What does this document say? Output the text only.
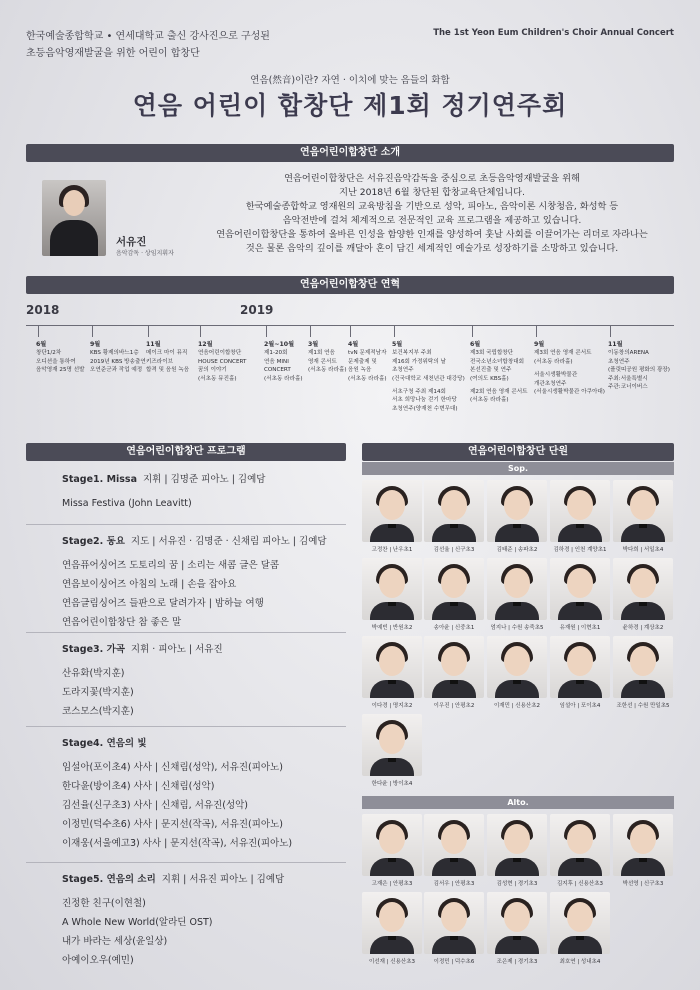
한국예술종합학교 • 연세대학교 출신 강사진으로 구성된
초등음악영재발굴을 위한 어린이 합창단
The 1st Yeon Eum Children's Choir Annual Concert
연음(然音)이란? 자연 · 이치에 맞는 음들의 화합
연음 어린이 합창단 제1회 정기연주회
연음어린이합창단 소개
서유진
음악감독 · 상임지휘자
연음어린이합창단은 서유진음악감독을 중심으로 초등음악영재발굴을 위해
지난 2018년 6월 창단된 합창교육단체입니다.
한국예술종합학교 영재원의 교육방침을 기반으로 성악, 피아노, 음악이론 시창청음, 화성학 등
음악전반에 걸쳐 체계적으로 전문적인 교육 프로그램을 제공하고 있습니다.
연음어린이합창단을 통하여 올바른 인성을 함양한 인재를 양성하여 훗날 사회를 이끌어가는 리더로 자라나는
것은 물론 음악의 깊이를 깨달아 혼이 담긴 세계적인 예술가로 성장하기를 소망하고 있습니다.
연음어린이합창단 연혁
2018	2019
6월
창단1/2차
오디션을 통하여
음악영재 25명 선발
9월
KBS 황제의바느1층
2019년 KBS 방송출연
오연준군과 작업 예정
11월
메이크 마이 뮤직
키즈라이브
합격 및 음원 녹음
12월
연음어린이합창단
HOUSE CONCERT
꿈의 이야기
(서초동 뮤진홀)
2월~10월
제1-20회
연음 MINI
CONCERT
(서초동 라라홀)
3월
제1회 연음
영재 콘서트
(서초동 라라홀)
4월
tvN 문제적남자
문제출제 및
음원 녹음
(서초동 라라홀)
5월
보건복지부 주최
제16회 가정위탁의 날
초청연주
(건국대학교 새천년관 대강당)
서초구청 주최 제14회
서초 희망나눔 걷기 한마당
초청연주(양재천 수변무대)
6월
제3회 국립합창단
전국소년소녀합창대회
본선진출 및 연주
(여의도 KBS홀)
제2회 연음 영재 콘서트
(서초동 라라홀)
9월
제3회 연음 영재 콘서트
(서초동 라라홀)
서울시생활박물관
개관초청연주
(서울시생활박물관 아쿠아대)
11월
이동창의ARENA
초청연주
(플릿띠공원 평화의 광장)
주최:서울특별시
주관:코너이버스
연음어린이합창단 프로그램
Stage1. Missa 지휘 | 김명준 피아노 | 김예담
Missa Festiva (John Leavitt)
Stage2. 동요 지도 | 서유진 · 김명준 · 신채림 피아노 | 김예담
연음퓨어싱어즈 도토리의 꿈 | 소리는 새콤 글은 달콤
연음보이싱어즈 아침의 노래 | 손을 잡아요
연음글림싱어즈 들판으로 달려가자 | 밤하늘 여행
연음어린이합창단 참 좋은 말
Stage3. 가곡 지휘 · 피아노 | 서유진
산유화(박지훈)
도라지꽃(박지훈)
코스모스(박지훈)
Stage4. 연음의 빛
임설아(포이초4) 사사 | 신채림(성악), 서유진(피아노)
한다윤(방이초4) 사사 | 신채림(성악)
김선율(신구초3) 사사 | 신채림, 서유진(성악)
이정민(덕수초6) 사사 | 문지선(작곡), 서유진(피아노)
이재웅(서울예고3) 사사 | 문지선(작곡), 서유진(피아노)
Stage5. 연음의 소리 지휘 | 서유진 피아노 | 김예담
진정한 친구(이현철)
A Whole New World(알라딘 OST)
내가 바라는 세상(윤일상)
아예이오우(예민)
연음어린이합창단 단원
Sop.
Alto.
고정찬 | 난우초1	김선율 | 신구초3	김태준 | 송파초2	김하경 | 인천 계양초1	박다희 | 서일초4
박예빈 | 반원초2	송아윤 | 신중초1	엄지나 | 수원 송죽초5	유재원 | 이현초1	윤하경 | 계상초2
이다경 | 명지초2	이우진 | 안평초2	이재민 | 신용산초2	임설아 | 포이초4	조한선 | 수원 만일초5
한다윤 | 방이초4
고재은 | 안평초3	김서우 | 안평초3	김성현 | 경기초3	김지후 | 신용산초3	박선영 | 신구초3
이선재 | 신용산초3	이정민 | 덕수초6	조은제 | 경기초3	최호연 | 성내초4
